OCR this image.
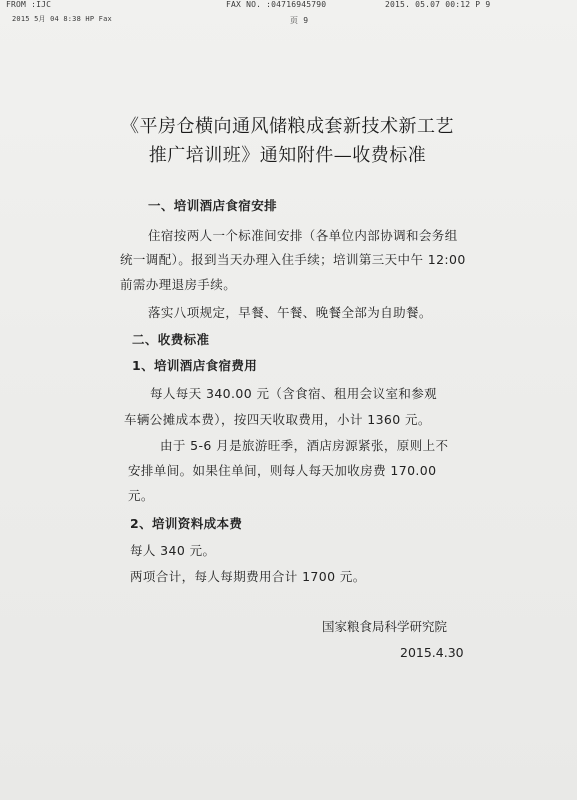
FROM :IJC	FAX NO. :04716945790	2015. 05.07 00:12 P 9
2015 5月 04 8:38 HP Fax	页 9
《平房仓横向通风储粮成套新技术新工艺
推广培训班》通知附件—收费标准
一、培训酒店食宿安排
住宿按两人一个标准间安排（各单位内部协调和会务组
统一调配）。报到当天办理入住手续；培训第三天中午 12:00
前需办理退房手续。
落实八项规定，早餐、午餐、晚餐全部为自助餐。
二、收费标准
1、培训酒店食宿费用
每人每天 340.00 元（含食宿、租用会议室和参观
车辆公摊成本费），按四天收取费用，小计 1360 元。
由于 5-6 月是旅游旺季，酒店房源紧张，原则上不
安排单间。如果住单间，则每人每天加收房费 170.00
元。
2、培训资料成本费
每人 340 元。
两项合计，每人每期费用合计 1700 元。
国家粮食局科学研究院
2015.4.30
